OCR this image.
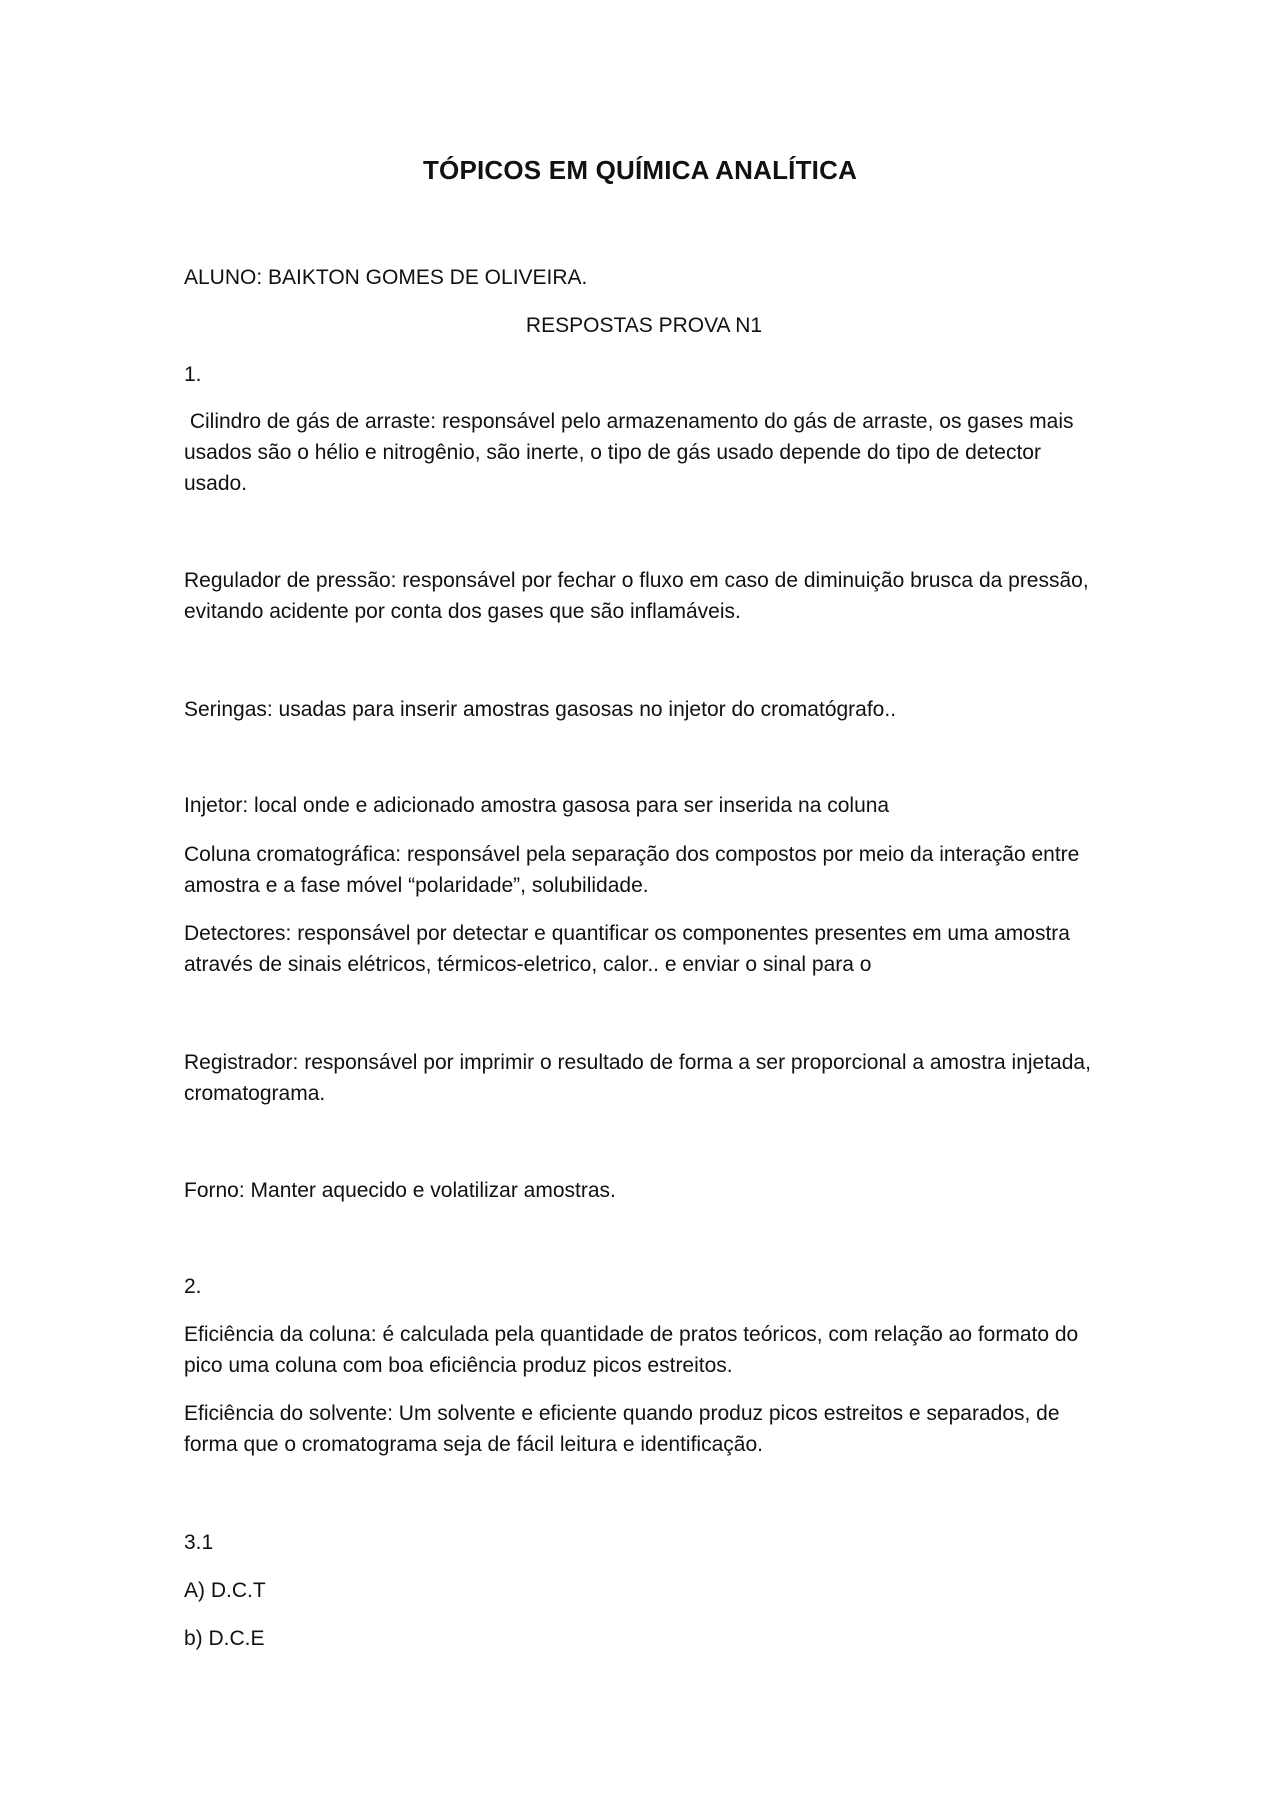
TÓPICOS EM QUÍMICA ANALÍTICA
ALUNO: BAIKTON GOMES DE OLIVEIRA.
RESPOSTAS PROVA N1
1.
Cilindro de gás de arraste: responsável pelo armazenamento do gás de arraste, os gases mais usados são o hélio e nitrogênio, são inerte, o tipo de gás usado depende do tipo de detector usado.
Regulador de pressão: responsável por fechar o fluxo em caso de diminuição brusca da pressão, evitando acidente por conta dos gases que são inflamáveis.
Seringas: usadas para inserir amostras gasosas no injetor do cromatógrafo..
Injetor: local onde e adicionado amostra gasosa para ser inserida na coluna
Coluna cromatográfica: responsável pela separação dos compostos por meio da interação entre amostra e a fase móvel “polaridade”, solubilidade.
Detectores: responsável por detectar e quantificar os componentes presentes em uma amostra através de sinais elétricos, térmicos-eletrico, calor.. e enviar o sinal para o
Registrador: responsável por imprimir o resultado de forma a ser proporcional a amostra injetada, cromatograma.
Forno: Manter aquecido e volatilizar amostras.
2.
Eficiência da coluna: é calculada pela quantidade de pratos teóricos, com relação ao formato do pico uma coluna com boa eficiência produz picos estreitos.
Eficiência do solvente: Um solvente e eficiente quando produz picos estreitos e separados, de forma que o cromatograma seja de fácil leitura e identificação.
3.1
A) D.C.T
b) D.C.E
